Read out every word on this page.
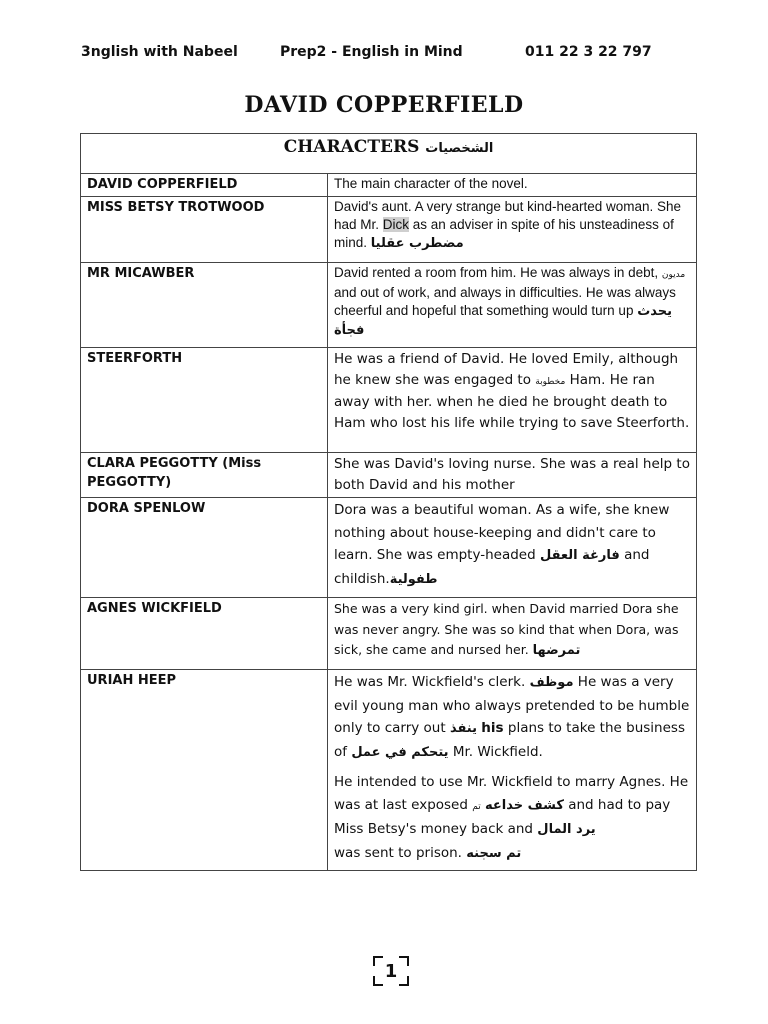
3nglish with Nabeel	Prep2 - English in Mind	011 22 3 22 797
DAVID COPPERFIELD
CHARACTERS الشخصيات	
DAVID COPPERFIELD	The main character of the novel.
MISS BETSY TROTWOOD	David's aunt. A very strange but kind-hearted woman. She had Mr. Dick as an adviser in spite of his unsteadiness of mind. مضطرب عقليا
MR MICAWBER	David rented a room from him. He was always in debt, مديون and out of work, and always in difficulties. He was always cheerful and hopeful that something would turn up يحدث فجأة
STEERFORTH	He was a friend of David. He loved Emily, although he knew she was engaged to مخطوبة Ham. He ran away with her. when he died he brought death to Ham who lost his life while trying to save Steerforth.
CLARA PEGGOTTY (Miss PEGGOTTY)	She was David's loving nurse. She was a real help to both David and his mother
DORA SPENLOW	Dora was a beautiful woman. As a wife, she knew nothing about house-keeping and didn't care to learn. She was empty-headed فارغة العقل and childish.طفولية
AGNES WICKFIELD	She was a very kind girl. when David married Dora she was never angry. She was so kind that when Dora, was sick, she came and nursed her. تمرضها
URIAH HEEP	He was Mr. Wickfield's clerk. موظف He was a very evil young man who always pretended to be humble only to carry out ينفذ his plans to take the business of يتحكم في عمل Mr. Wickfield.
He intended to use Mr. Wickfield to marry Agnes. He was at last exposed كشف خداعه تم and had to pay Miss Betsy's money back and يرد المال
was sent to prison. تم سجنه
1
